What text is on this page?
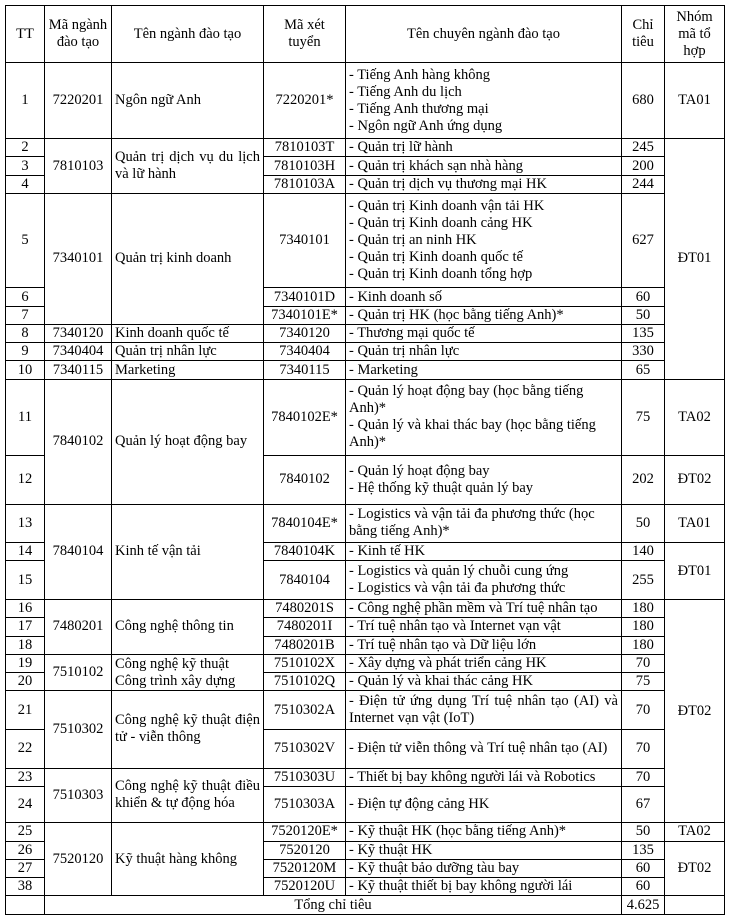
TT	Mã ngành đào tạo	Tên ngành đào tạo	Mã xét tuyển	Tên chuyên ngành đào tạo	Chỉ tiêu	Nhóm mã tổ hợp	
1	7220201	Ngôn ngữ Anh	7220201*	- Tiếng Anh hàng không
- Tiếng Anh du lịch
- Tiếng Anh thương mại
- Ngôn ngữ Anh ứng dụng	680	TA01	
2	7810103	Quản trị dịch vụ du lịch và lữ hành	7810103T	- Quản trị lữ hành	245	ĐT01	
3			7810103H	- Quản trị khách sạn nhà hàng	200		
4			7810103A	- Quản trị dịch vụ thương mại HK	244		
5	7340101	Quản trị kinh doanh	7340101	- Quản trị Kinh doanh vận tải HK
- Quản trị Kinh doanh cảng HK
- Quản trị an ninh HK
- Quản trị Kinh doanh quốc tế
- Quản trị Kinh doanh tổng hợp	627		
6			7340101D	- Kinh doanh số	60		
7			7340101E*	- Quản trị HK (học bằng tiếng Anh)*	50	
8	7340120	Kinh doanh quốc tế	7340120	- Thương mại quốc tế	135	
9	7340404	Quản trị nhân lực	7340404	- Quản trị nhân lực	330		
10	7340115	Marketing	7340115	- Marketing	65		
11	7840102	Quản lý hoạt động bay	7840102E*	- Quản lý hoạt động bay (học bằng tiếng Anh)*
- Quản lý và khai thác bay (học bằng tiếng Anh)*	75	TA02	
12			7840102	- Quản lý hoạt động bay
- Hệ thống kỹ thuật quản lý bay	202	ĐT02	
13	7840104	Kinh tế vận tải	7840104E*	- Logistics và vận tải đa phương thức (học bằng tiếng Anh)*	50	TA01	
14			7840104K	- Kinh tế HK	140	ĐT01	
15			7840104	- Logistics và quản lý chuỗi cung ứng
- Logistics và vận tải đa phương thức	255		
16	7480201	Công nghệ thông tin	7480201S	- Công nghệ phần mềm và Trí tuệ nhân tạo	180	ĐT02	
17			7480201I	- Trí tuệ nhân tạo và Internet vạn vật	180		
18			7480201B	- Trí tuệ nhân tạo và Dữ liệu lớn	180		
19	7510102	Công nghệ kỹ thuật Công trình xây dựng	7510102X	- Xây dựng và phát triển cảng HK	70		
20			7510102Q	- Quản lý và khai thác cảng HK	75		
21	7510302	Công nghệ kỹ thuật điện tử - viễn thông	7510302A	- Điện tử ứng dụng Trí tuệ nhân tạo (AI) và Internet vạn vật (IoT)	70		
22			7510302V	- Điện tử viễn thông và Trí tuệ nhân tạo (AI)	70		
23	7510303	Công nghệ kỹ thuật điều khiển & tự động hóa	7510303U	- Thiết bị bay không người lái và Robotics	70		
24			7510303A	- Điện tự động cảng HK	67		
25	7520120	Kỹ thuật hàng không	7520120E*	- Kỹ thuật HK (học bằng tiếng Anh)*	50	TA02	
26			7520120	- Kỹ thuật HK	135	ĐT02	
27			7520120M	- Kỹ thuật bảo dưỡng tàu bay	60		
38			7520120U	- Kỹ thuật thiết bị bay không người lái	60		
	Tổng chỉ tiêu				4.625		
